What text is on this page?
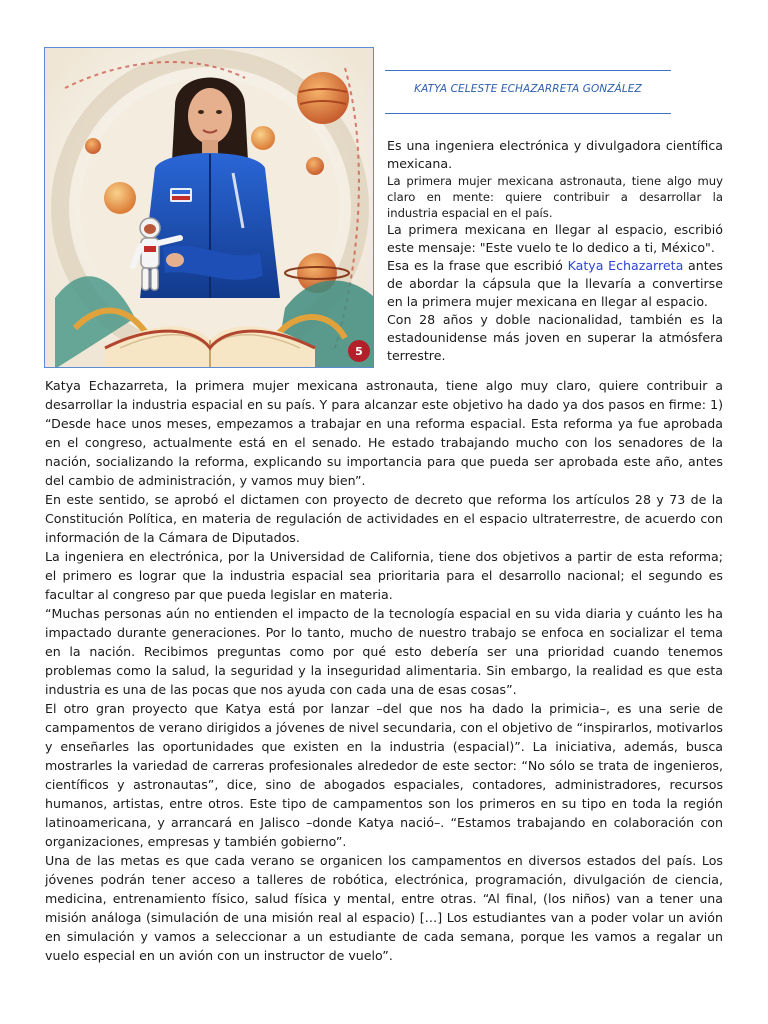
5
KATYA CELESTE ECHAZARRETA GONZÁLEZ

Es una ingeniera electrónica y divulgadora científica mexicana.

La primera mujer mexicana astronauta, tiene algo muy claro en mente: quiere contribuir a desarrollar la industria espacial en el país.

La primera mexicana en llegar al espacio, escribió este mensaje: "Este vuelo te lo dedico a ti, México".

Esa es la frase que escribió Katya Echazarreta antes de abordar la cápsula que la llevaría a convertirse en la primera mujer mexicana en llegar al espacio.

Con 28 años y doble nacionalidad, también es la estadounidense más joven en superar la atmósfera terrestre.

Katya Echazarreta, la primera mujer mexicana astronauta, tiene algo muy claro, quiere contribuir a desarrollar la industria espacial en su país. Y para alcanzar este objetivo ha dado ya dos pasos en firme: 1) “Desde hace unos meses, empezamos a trabajar en una reforma espacial. Esta reforma ya fue aprobada en el congreso, actualmente está en el senado. He estado trabajando mucho con los senadores de la nación, socializando la reforma, explicando su importancia para que pueda ser aprobada este año, antes del cambio de administración, y vamos muy bien”.

En este sentido, se aprobó el dictamen con proyecto de decreto que reforma los artículos 28 y 73 de la Constitución Política, en materia de regulación de actividades en el espacio ultraterrestre, de acuerdo con información de la Cámara de Diputados.

La ingeniera en electrónica, por la Universidad de California, tiene dos objetivos a partir de esta reforma; el primero es lograr que la industria espacial sea prioritaria para el desarrollo nacional; el segundo es facultar al congreso par que pueda legislar en materia.

“Muchas personas aún no entienden el impacto de la tecnología espacial en su vida diaria y cuánto les ha impactado durante generaciones. Por lo tanto, mucho de nuestro trabajo se enfoca en socializar el tema en la nación. Recibimos preguntas como por qué esto debería ser una prioridad cuando tenemos problemas como la salud, la seguridad y la inseguridad alimentaria. Sin embargo, la realidad es que esta industria es una de las pocas que nos ayuda con cada una de esas cosas”.

El otro gran proyecto que Katya está por lanzar –del que nos ha dado la primicia–, es una serie de campamentos de verano dirigidos a jóvenes de nivel secundaria, con el objetivo de “inspirarlos, motivarlos y enseñarles las oportunidades que existen en la industria (espacial)”. La iniciativa, además, busca mostrarles la variedad de carreras profesionales alrededor de este sector: “No sólo se trata de ingenieros, científicos y astronautas”, dice, sino de abogados espaciales, contadores, administradores, recursos humanos, artistas, entre otros. Este tipo de campamentos son los primeros en su tipo en toda la región latinoamericana, y arrancará en Jalisco –donde Katya nació–. “Estamos trabajando en colaboración con organizaciones, empresas y también gobierno”.

Una de las metas es que cada verano se organicen los campamentos en diversos estados del país. Los jóvenes podrán tener acceso a talleres de robótica, electrónica, programación, divulgación de ciencia, medicina, entrenamiento físico, salud física y mental, entre otras. “Al final, (los niños) van a tener una misión análoga (simulación de una misión real al espacio) […] Los estudiantes van a poder volar un avión en simulación y vamos a seleccionar a un estudiante de cada semana, porque les vamos a regalar un vuelo especial en un avión con un instructor de vuelo”.
